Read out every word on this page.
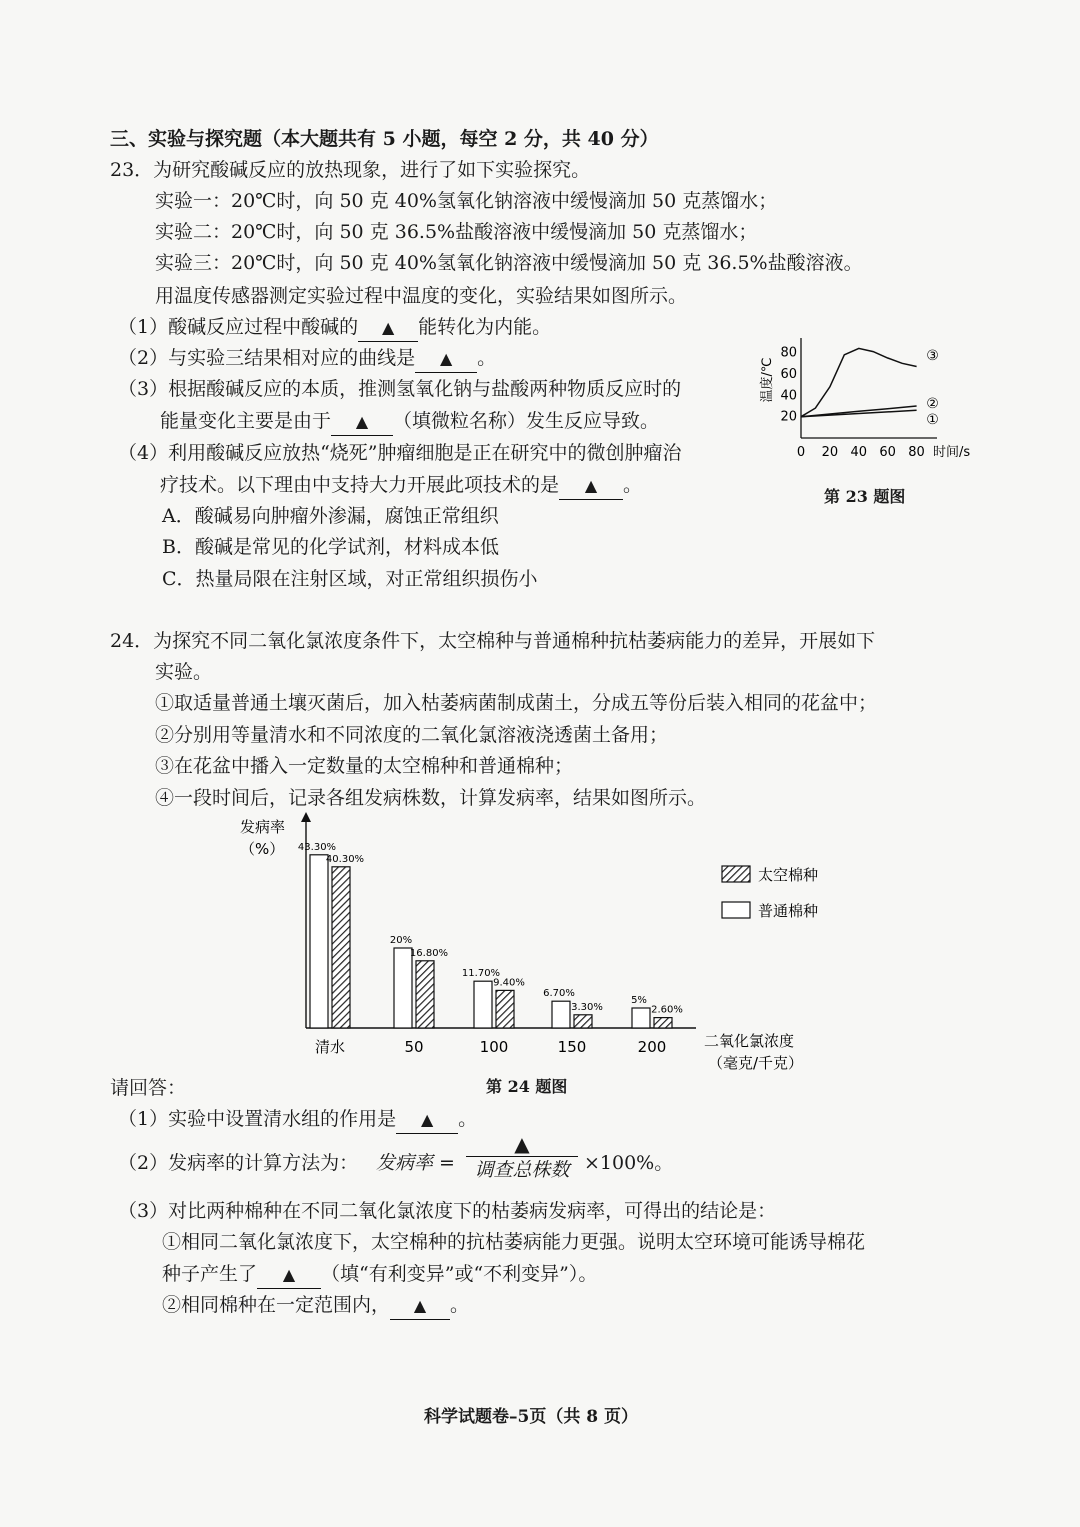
三、实验与探究题（本大题共有 5 小题，每空 2 分，共 40 分）
23．为研究酸碱反应的放热现象，进行了如下实验探究。
实验一：20℃时，向 50 克 40%氢氧化钠溶液中缓慢滴加 50 克蒸馏水；
实验二：20℃时，向 50 克 36.5%盐酸溶液中缓慢滴加 50 克蒸馏水；
实验三：20℃时，向 50 克 40%氢氧化钠溶液中缓慢滴加 50 克 36.5%盐酸溶液。
用温度传感器测定实验过程中温度的变化，实验结果如图所示。
（1）酸碱反应过程中酸碱的 ▲ 能转化为内能。
（2）与实验三结果相对应的曲线是 ▲ 。
（3）根据酸碱反应的本质，推测氢氧化钠与盐酸两种物质反应时的
能量变化主要是由于 ▲ （填微粒名称）发生反应导致。
（4）利用酸碱反应放热“烧死”肿瘤细胞是正在研究中的微创肿瘤治
疗技术。以下理由中支持大力开展此项技术的是 ▲ 。
A．酸碱易向肿瘤外渗漏，腐蚀正常组织
B．酸碱是常见的化学试剂，材料成本低
C．热量局限在注射区域，对正常组织损伤小
0 20 40 60 80
20
40
60
80
时间/s
温度/℃
①
②
③
第 23 题图
24．为探究不同二氧化氯浓度条件下，太空棉种与普通棉种抗枯萎病能力的差异，开展如下
实验。
①取适量普通土壤灭菌后，加入枯萎病菌制成菌土，分成五等份后装入相同的花盆中；
②分别用等量清水和不同浓度的二氧化氯溶液浇透菌土备用；
③在花盆中播入一定数量的太空棉种和普通棉种；
④一段时间后，记录各组发病株数，计算发病率，结果如图所示。
发病率
（%）
二氧化氯浓度
（毫克/千克）
43.30%
40.30%
清水
20%
16.80%
50
11.70%
9.40%
100
6.70%
3.30%
150
5%
2.60%
200
太空棉种
普通棉种
第 24 题图
请回答：
（1）实验中设置清水组的作用是 ▲ 。
（2）发病率的计算方法为： 发病率 =
▲
调查总株数 ×100%。
（3）对比两种棉种在不同二氧化氯浓度下的枯萎病发病率，可得出的结论是：
①相同二氧化氯浓度下，太空棉种的抗枯萎病能力更强。说明太空环境可能诱导棉花
种子产生了 ▲ （填“有利变异”或“不利变异”）。
②相同棉种在一定范围内， ▲ 。
科学试题卷–5页（共 8 页）
